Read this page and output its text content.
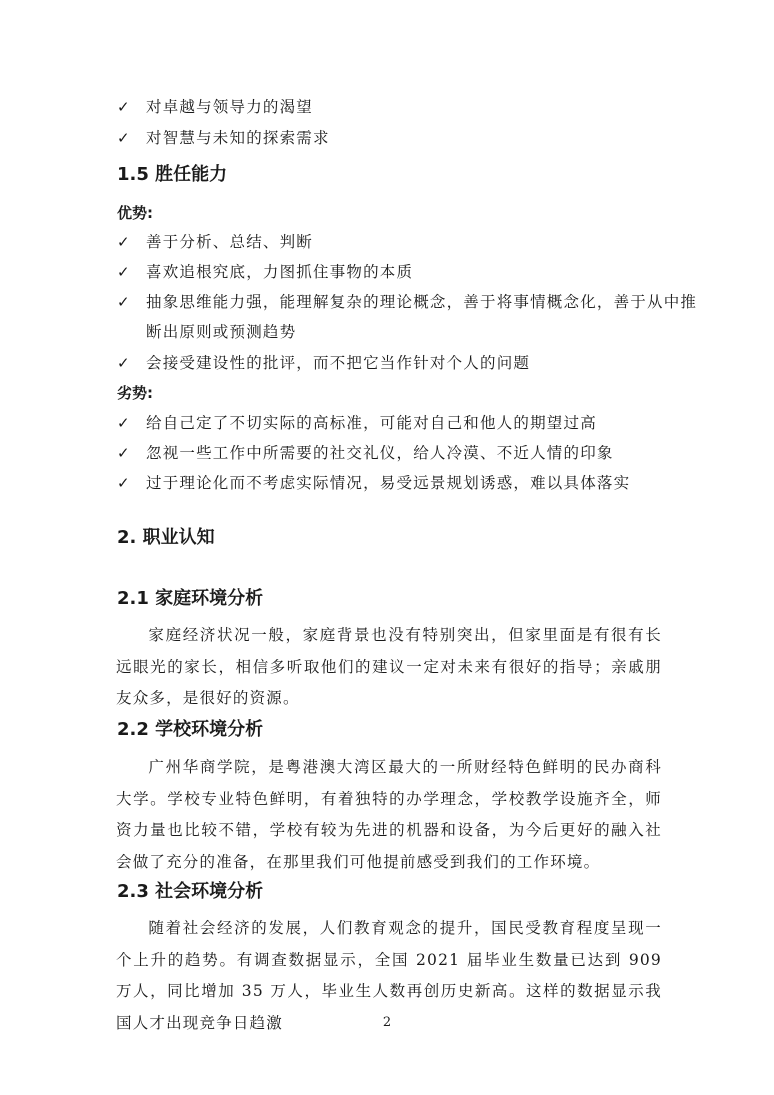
✓ 对卓越与领导力的渴望
✓ 对智慧与未知的探索需求
1.5 胜任能力
优势:
✓ 善于分析、总结、判断
✓ 喜欢追根究底，力图抓住事物的本质
✓ 抽象思维能力强，能理解复杂的理论概念，善于将事情概念化，善于从中推
断出原则或预测趋势
✓ 会接受建设性的批评，而不把它当作针对个人的问题
劣势:
✓ 给自己定了不切实际的高标准，可能对自己和他人的期望过高
✓ 忽视一些工作中所需要的社交礼仪，给人冷漠、不近人情的印象
✓ 过于理论化而不考虑实际情况，易受远景规划诱惑，难以具体落实
2. 职业认知
2.1 家庭环境分析
家庭经济状况一般，家庭背景也没有特别突出，但家里面是有很有长远眼光的家长，相信多听取他们的建议一定对未来有很好的指导；亲戚朋友众多，是很好的资源。
2.2 学校环境分析
广州华商学院，是粤港澳大湾区最大的一所财经特色鲜明的民办商科大学。学校专业特色鲜明，有着独特的办学理念，学校教学设施齐全，师资力量也比较不错，学校有较为先进的机器和设备，为今后更好的融入社会做了充分的准备，在那里我们可他提前感受到我们的工作环境。
2.3 社会环境分析
随着社会经济的发展，人们教育观念的提升，国民受教育程度呈现一个上升的趋势。有调查数据显示，全国 2021 届毕业生数量已达到 909 万人，同比增加 35 万人，毕业生人数再创历史新高。这样的数据显示我国人才出现竞争日趋激	2
